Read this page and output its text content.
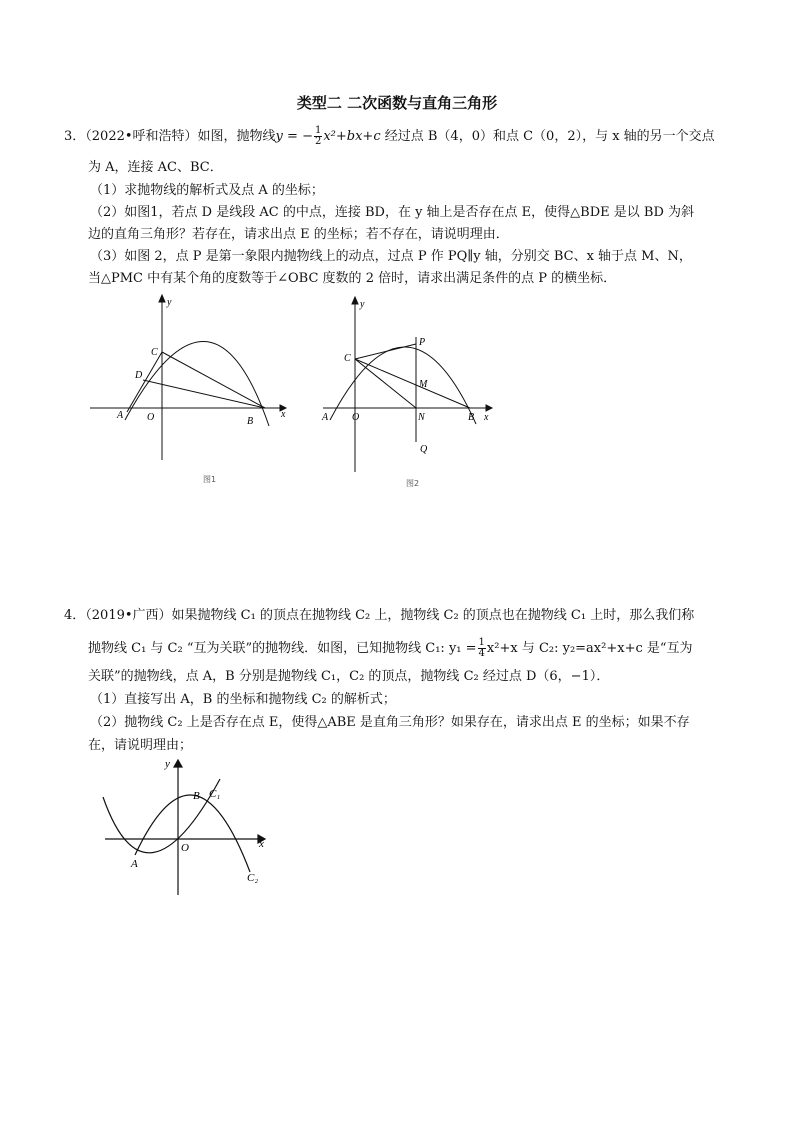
类型二 二次函数与直角三角形
3．（2022•呼和浩特）如图，抛物线y = − $\frac{1}{2} x^2+bx+c$ 经过点 B（4，0）和点 C（0，2），与 x 轴的另一个交点
为 A，连接 AC、BC．
（1）求抛物线的解析式及点 A 的坐标；
（2）如图1，若点 D 是线段 AC 的中点，连接 BD，在 y 轴上是否存在点 E，使得△BDE 是以 BD 为斜
边的直角三角形？若存在，请求出点 E 的坐标；若不存在，请说明理由．
（3）如图 2，点 P 是第一象限内抛物线上的动点，过点 P 作 PQ∥y 轴，分别交 BC、x 轴于点 M、N，
当△PMC 中有某个角的度数等于∠OBC 度数的 2 倍时，请求出满足条件的点 P 的横坐标．
y
x
C
D
A O	B
图1
y
x
C
P
M
A O	N	B
Q
图2
4．（2019•广西）如果抛物线 C₁ 的顶点在抛物线 C₂ 上，抛物线 C₂ 的顶点也在抛物线 C₁ 上时，那么我们称
抛物线 C₁ 与 C₂ “互为关联”的抛物线．如图，已知抛物线 C₁: $y_1 = \frac{1}{4} x^2+x$ 与 C₂: y₂=ax²+x+c 是“互为
关联”的抛物线，点 A，B 分别是抛物线 C₁，C₂ 的顶点，抛物线 C₂ 经过点 D（6，−1）．
（1）直接写出 A，B 的坐标和抛物线 C₂ 的解析式；
（2）抛物线 C₂ 上是否存在点 E，使得△ABE 是直角三角形？如果存在，请求出点 E 的坐标；如果不存
在，请说明理由；
y
x
O
A
B C₁
C₂
